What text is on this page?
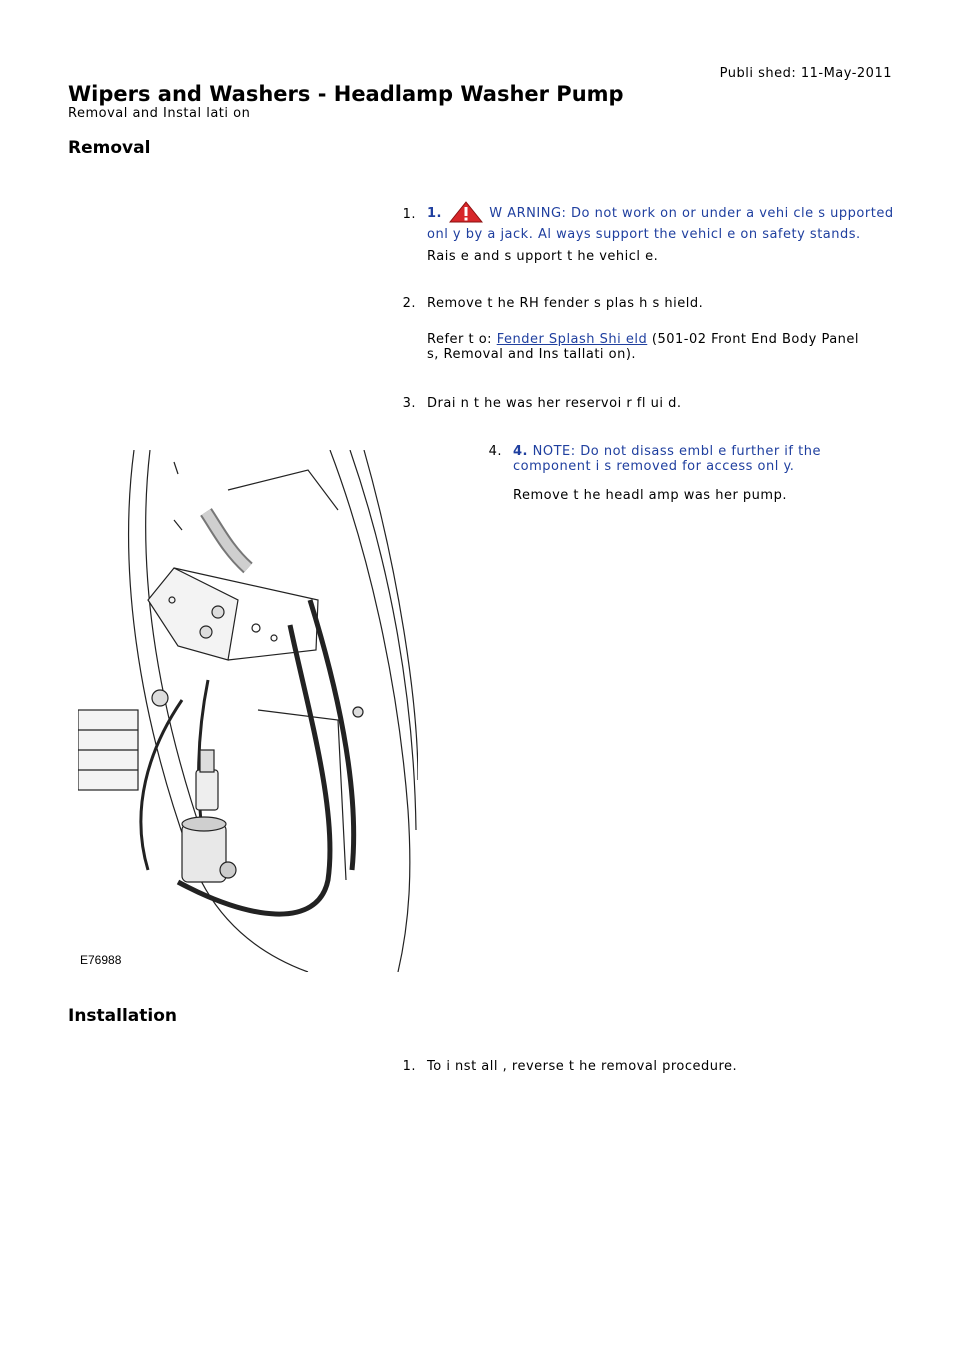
Publi shed: 11-May-2011
Wipers and Washers - Headlamp Washer Pump
Removal and Instal lati on
Removal
1. 1.	W ARNING: Do not work on or under a vehi cle s upported onl y by a jack. Al ways support the vehicl e on safety stands.
Rais e and s upport t he vehicl e.
2. Remove t he RH fender s plas h s hield.
Refer t o: Fender Splash Shi eld (501-02 Front End Body Panel s, Removal and Ins tallati on).
3. Drai n t he was her reservoi r fl ui d.
4. 4. NOTE: Do not disass embl e further if the component i s removed for access onl y.
Remove t he headl amp was her pump.
E76988
Installation
1. To i nst all , reverse t he removal procedure.
